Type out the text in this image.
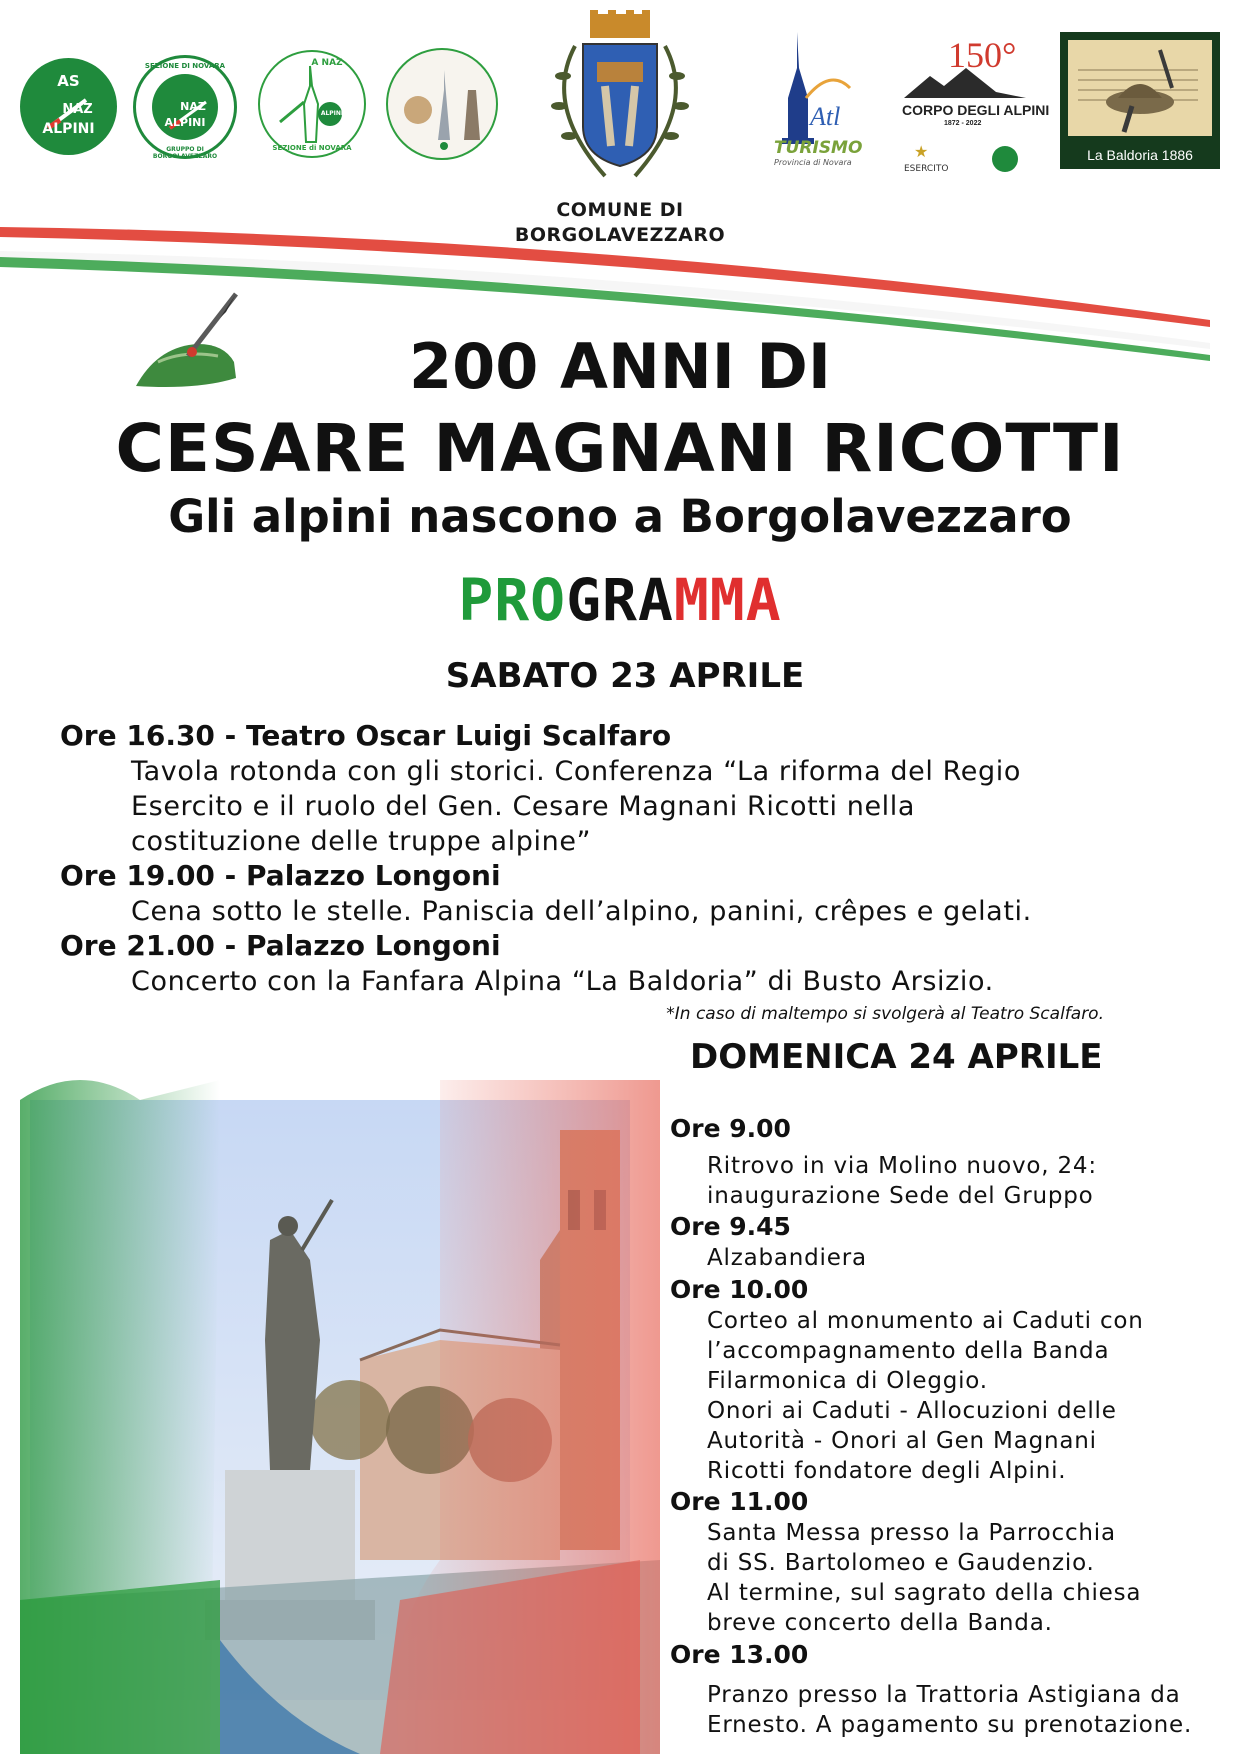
AS
NAZ
ALPINI
SEZIONE DI NOVARA
GRUPPO DI BORGOLAVEZZARO
NAZ
ALPINI
A NAZ
ALPINI
SEZIONE di NOVARA
COMUNE DI
BORGOLAVEZZARO
Atl
TURISMO
Provincia di Novara
150°
CORPO DEGLI ALPINI
1872 - 2022
★
ESERCITO
La Baldoria 1886
200 ANNI DI
CESARE MAGNANI RICOTTI
Gli alpini nascono a Borgolavezzaro
PROGRAMMA
SABATO 23 APRILE
Ore 16.30 - Teatro Oscar Luigi Scalfaro
Tavola rotonda con gli storici. Conferenza “La riforma del Regio
Esercito e il ruolo del Gen. Cesare Magnani Ricotti nella
costituzione delle truppe alpine”
Ore 19.00 - Palazzo Longoni
Cena sotto le stelle. Paniscia dell’alpino, panini, crêpes e gelati.
Ore 21.00 - Palazzo Longoni
Concerto con la Fanfara Alpina “La Baldoria” di Busto Arsizio.
*In caso di maltempo si svolgerà al Teatro Scalfaro.
DOMENICA 24 APRILE
Ore 9.00
Ritrovo in via Molino nuovo, 24:
inaugurazione Sede del Gruppo
Ore 9.45
Alzabandiera
Ore 10.00
Corteo al monumento ai Caduti con
l’accompagnamento della Banda
Filarmonica di Oleggio.
Onori ai Caduti - Allocuzioni delle
Autorità - Onori al Gen Magnani
Ricotti fondatore degli Alpini.
Ore 11.00
Santa Messa presso la Parrocchia
di SS. Bartolomeo e Gaudenzio.
Al termine, sul sagrato della chiesa
breve concerto della Banda.
Ore 13.00
Pranzo presso la Trattoria Astigiana da
Ernesto. A pagamento su prenotazione.
